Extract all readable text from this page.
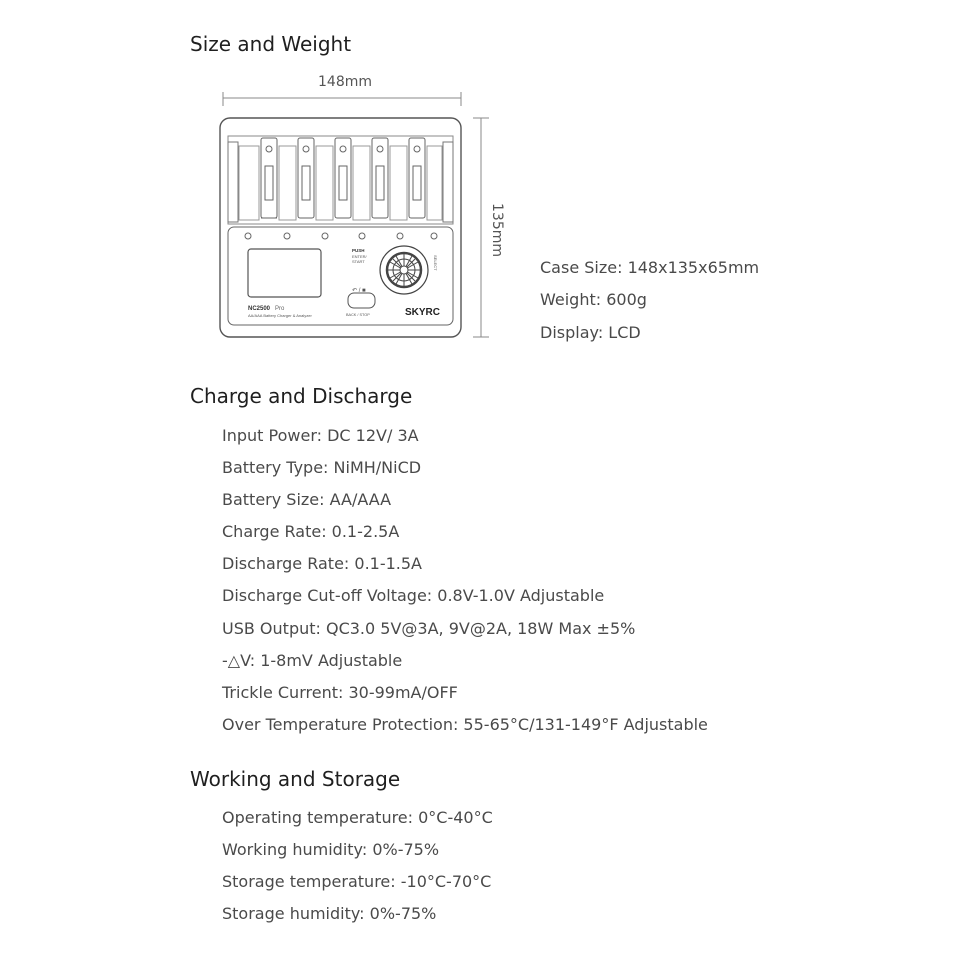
Size and Weight
148mm
135mm
NC2500 Pro
AA/AAA Battery Charger & Analyzer
PUSH
ENTER/
START
↶ / ■
BACK / STOP
SELECT
SKYRC
Case Size: 148x135x65mm
Weight: 600g
Display: LCD
Charge and Discharge
Input Power: DC 12V/ 3A
Battery Type: NiMH/NiCD
Battery Size: AA/AAA
Charge Rate: 0.1-2.5A
Discharge Rate: 0.1-1.5A
Discharge Cut-off Voltage: 0.8V-1.0V Adjustable
USB Output: QC3.0 5V@3A, 9V@2A, 18W Max ±5%
-△V: 1-8mV Adjustable
Trickle Current: 30-99mA/OFF
Over Temperature Protection: 55-65°C/131-149°F Adjustable
Working and Storage
Operating temperature: 0°C-40°C
Working humidity: 0%-75%
Storage temperature: -10°C-70°C
Storage humidity: 0%-75%
